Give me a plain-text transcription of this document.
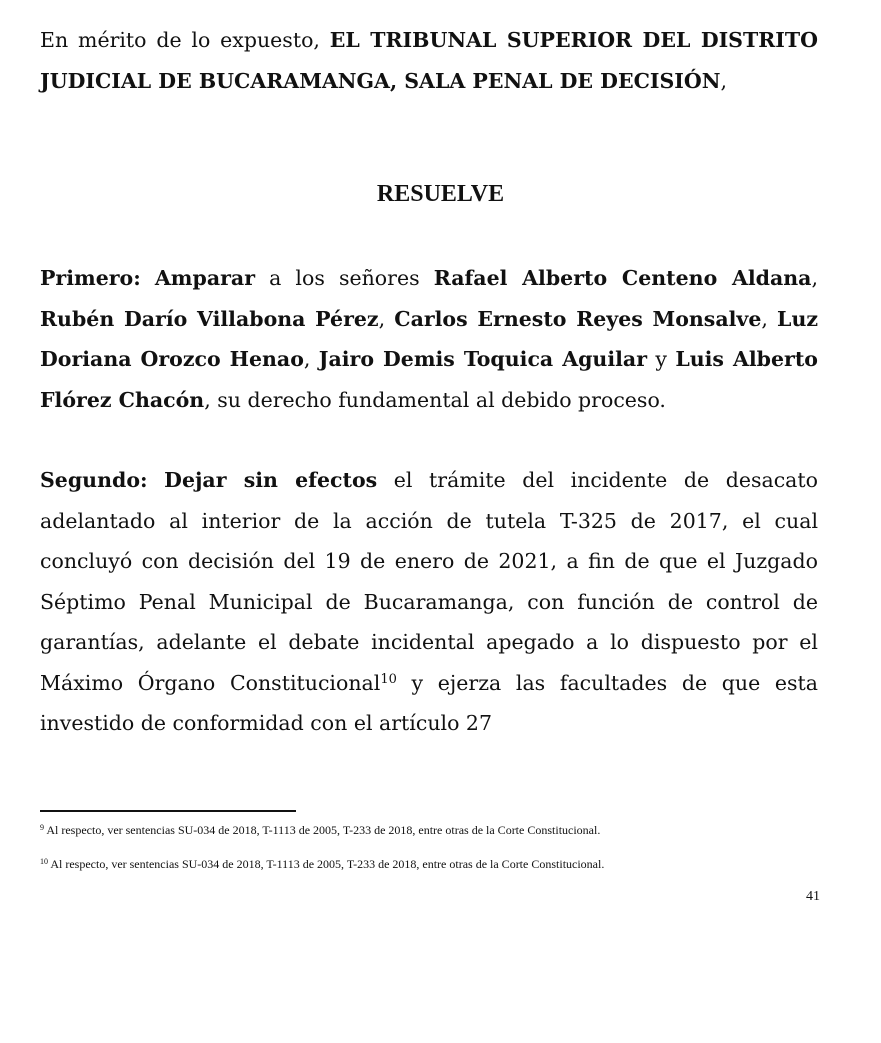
En mérito de lo expuesto, EL TRIBUNAL SUPERIOR DEL DISTRITO JUDICIAL DE BUCARAMANGA, SALA PENAL DE DECISIÓN,

RESUELVE

Primero: Amparar a los señores Rafael Alberto Centeno Aldana, Rubén Darío Villabona Pérez, Carlos Ernesto Reyes Monsalve, Luz Doriana Orozco Henao, Jairo Demis Toquica Aguilar y Luis Alberto Flórez Chacón, su derecho fundamental al debido proceso.

Segundo: Dejar sin efectos el trámite del incidente de desacato adelantado al interior de la acción de tutela T-325 de 2017, el cual concluyó con decisión del 19 de enero de 2021, a fin de que el Juzgado Séptimo Penal Municipal de Bucaramanga, con función de control de garantías, adelante el debate incidental apegado a lo dispuesto por el Máximo Órgano Constitucional$^{10}$ y ejerza las facultades de que esta investido de conformidad con el artículo 27

$^9$ Al respecto, ver sentencias SU-034 de 2018, T-1113 de 2005, T-233 de 2018, entre otras de la Corte Constitucional.

$^{10}$ Al respecto, ver sentencias SU-034 de 2018, T-1113 de 2005, T-233 de 2018, entre otras de la Corte Constitucional.

41
